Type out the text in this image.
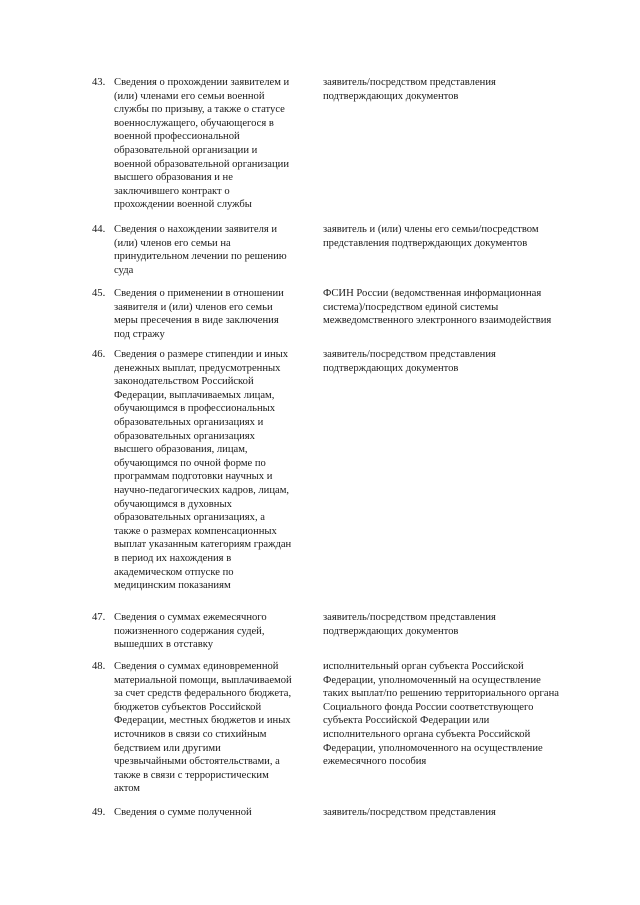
43. Сведения о прохождении заявителем и
(или) членами его семьи военной
службы по призыву, а также о статусе
военнослужащего, обучающегося в
военной профессиональной
образовательной организации и
военной образовательной организации
высшего образования и не
заключившего контракт о
прохождении военной службы
заявитель/посредством представления
подтверждающих документов
44. Сведения о нахождении заявителя и
(или) членов его семьи на
принудительном лечении по решению
суда
заявитель и (или) члены его семьи/посредством
представления подтверждающих документов
45. Сведения о применении в отношении
заявителя и (или) членов его семьи
меры пресечения в виде заключения
под стражу
ФСИН России (ведомственная информационная
система)/посредством единой системы
межведомственного электронного взаимодействия
46. Сведения о размере стипендии и иных
денежных выплат, предусмотренных
законодательством Российской
Федерации, выплачиваемых лицам,
обучающимся в профессиональных
образовательных организациях и
образовательных организациях
высшего образования, лицам,
обучающимся по очной форме по
программам подготовки научных и
научно-педагогических кадров, лицам,
обучающимся в духовных
образовательных организациях, а
также о размерах компенсационных
выплат указанным категориям граждан
в период их нахождения в
академическом отпуске по
медицинским показаниям
заявитель/посредством представления
подтверждающих документов
47. Сведения о суммах ежемесячного
пожизненного содержания судей,
вышедших в отставку
заявитель/посредством представления
подтверждающих документов
48. Сведения о суммах единовременной
материальной помощи, выплачиваемой
за счет средств федерального бюджета,
бюджетов субъектов Российской
Федерации, местных бюджетов и иных
источников в связи со стихийным
бедствием или другими
чрезвычайными обстоятельствами, а
также в связи с террористическим
актом
исполнительный орган субъекта Российской
Федерации, уполномоченный на осуществление
таких выплат/по решению территориального органа
Социального фонда России соответствующего
субъекта Российской Федерации или
исполнительного органа субъекта Российской
Федерации, уполномоченного на осуществление
ежемесячного пособия
49. Сведения о сумме полученной	заявитель/посредством представления
